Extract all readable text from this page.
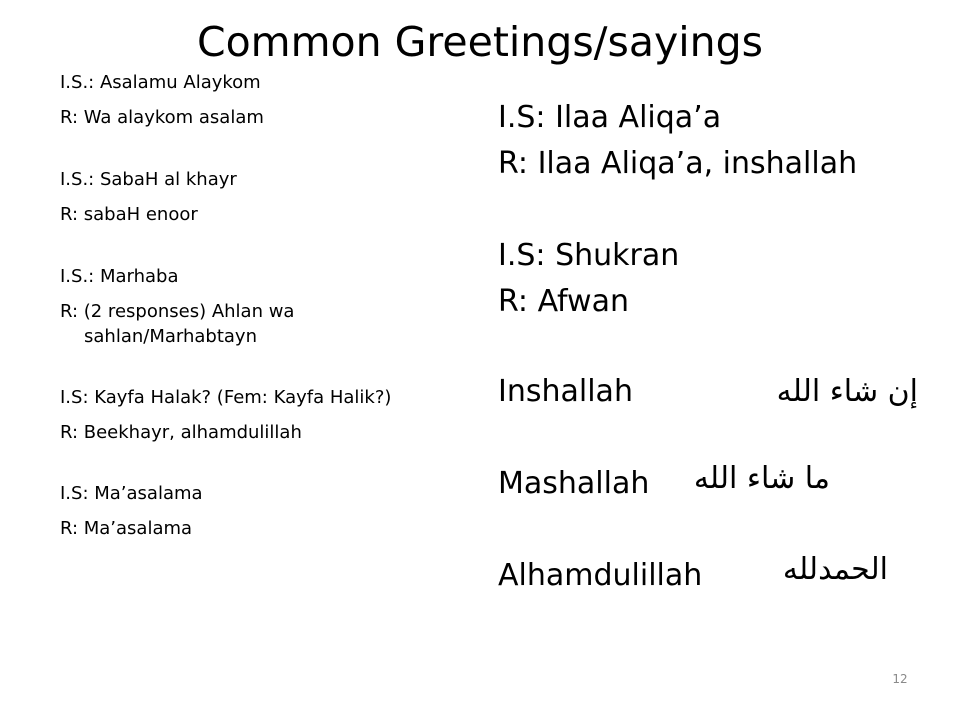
Common Greetings/sayings

I.S.: Asalamu Alaykom

R: Wa alaykom asalam

I.S.: SabaH al khayr

R: sabaH enoor

I.S.: Marhaba

R: (2 responses) Ahlan wa sahlan/Marhabtayn

I.S: Kayfa Halak? (Fem: Kayfa Halik?)

R: Beekhayr, alhamdulillah

I.S: Ma’asalama

R: Ma’asalama

I.S: Ilaa Aliqa’a

R: Ilaa Aliqa’a, inshallah

I.S: Shukran

R: Afwan

Inshallah	إن شاء الله
Mashallah ما شاء الله
Alhamdulillah	الحمدلله
12
